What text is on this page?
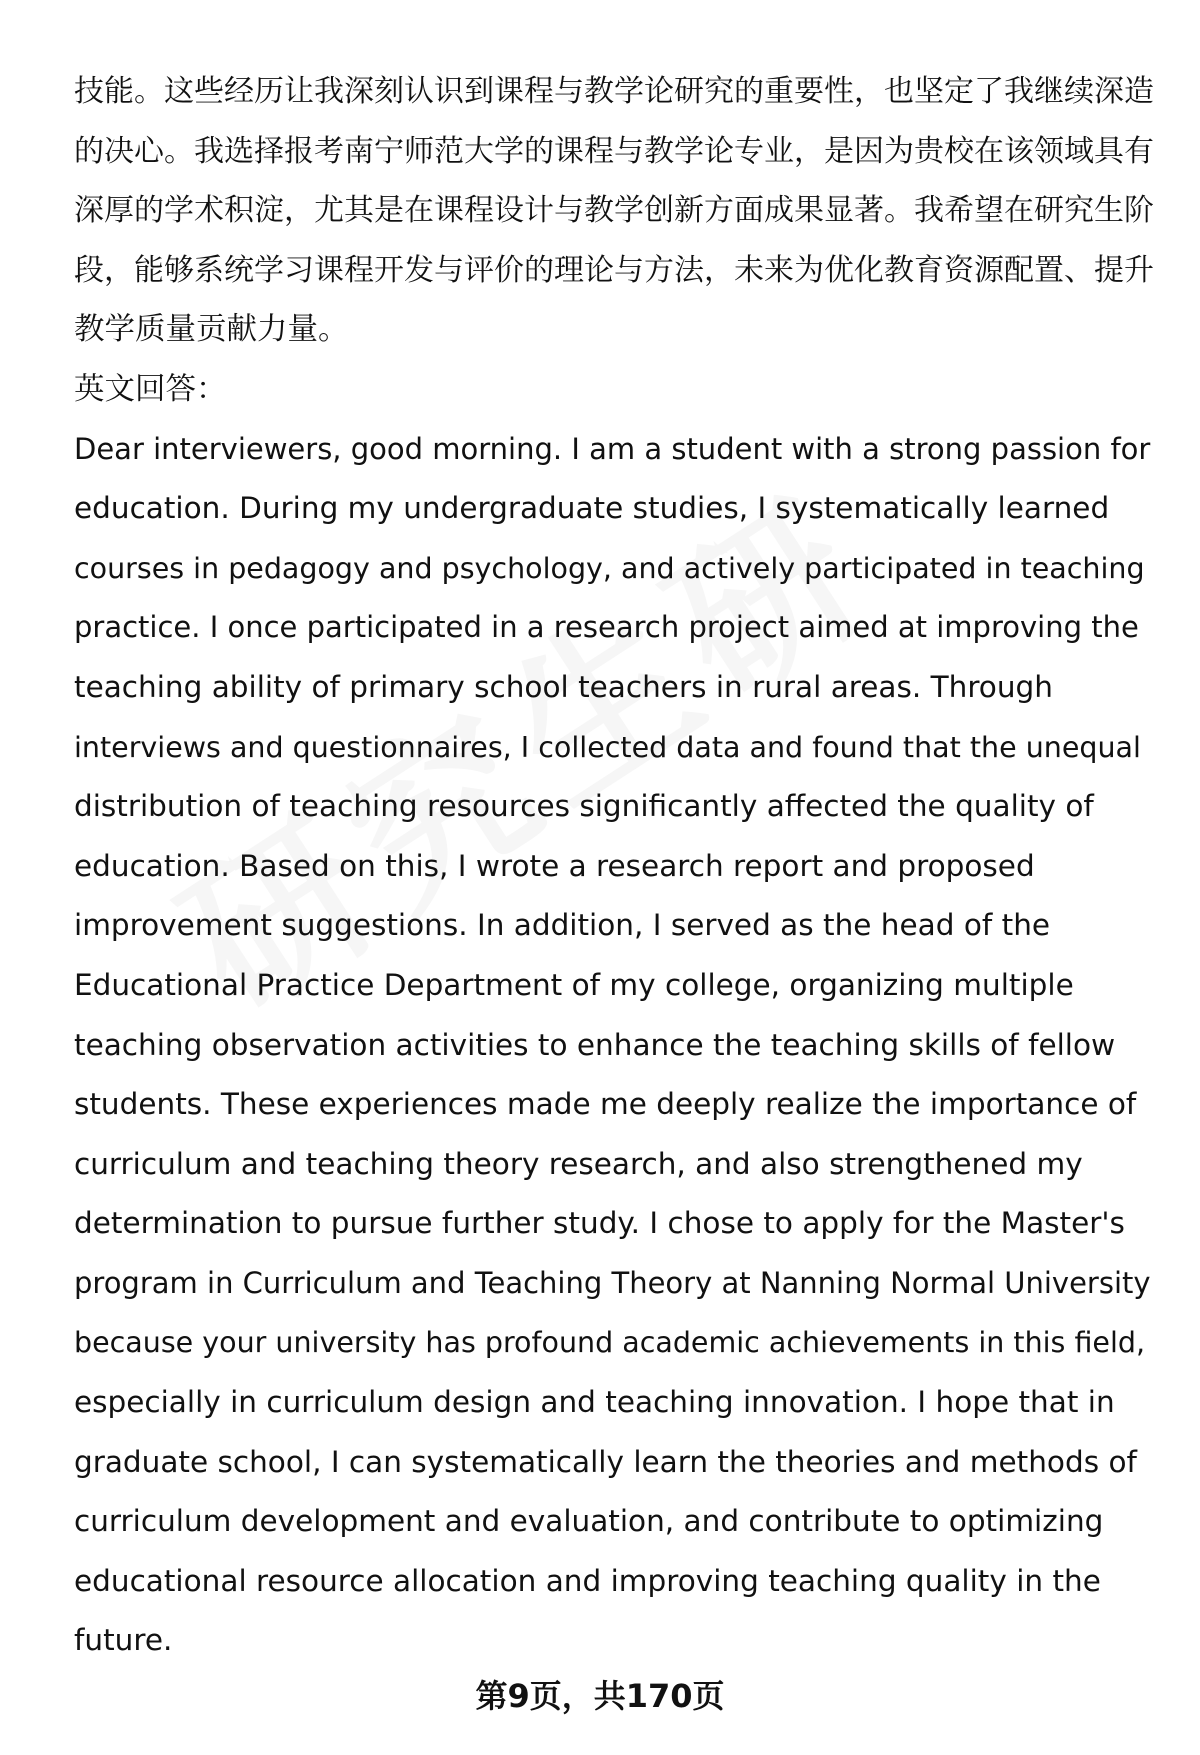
技能。这些经历让我深刻认识到课程与教学论研究的重要性，也坚定了我继续深造
的决心。我选择报考南宁师范大学的课程与教学论专业，是因为贵校在该领域具有
深厚的学术积淀，尤其是在课程设计与教学创新方面成果显著。我希望在研究生阶
段，能够系统学习课程开发与评价的理论与方法，未来为优化教育资源配置、提升
教学质量贡献力量。
英文回答：
Dear interviewers, good morning. I am a student with a strong passion for
education. During my undergraduate studies, I systematically learned
courses in pedagogy and psychology, and actively participated in teaching
practice. I once participated in a research project aimed at improving the
teaching ability of primary school teachers in rural areas. Through
interviews and questionnaires, I collected data and found that the unequal
distribution of teaching resources significantly affected the quality of
education. Based on this, I wrote a research report and proposed
improvement suggestions. In addition, I served as the head of the
Educational Practice Department of my college, organizing multiple
teaching observation activities to enhance the teaching skills of fellow
students. These experiences made me deeply realize the importance of
curriculum and teaching theory research, and also strengthened my
determination to pursue further study. I chose to apply for the Master's
program in Curriculum and Teaching Theory at Nanning Normal University
because your university has profound academic achievements in this field,
especially in curriculum design and teaching innovation. I hope that in
graduate school, I can systematically learn the theories and methods of
curriculum development and evaluation, and contribute to optimizing
educational resource allocation and improving teaching quality in the
future.
第9页，共170页
